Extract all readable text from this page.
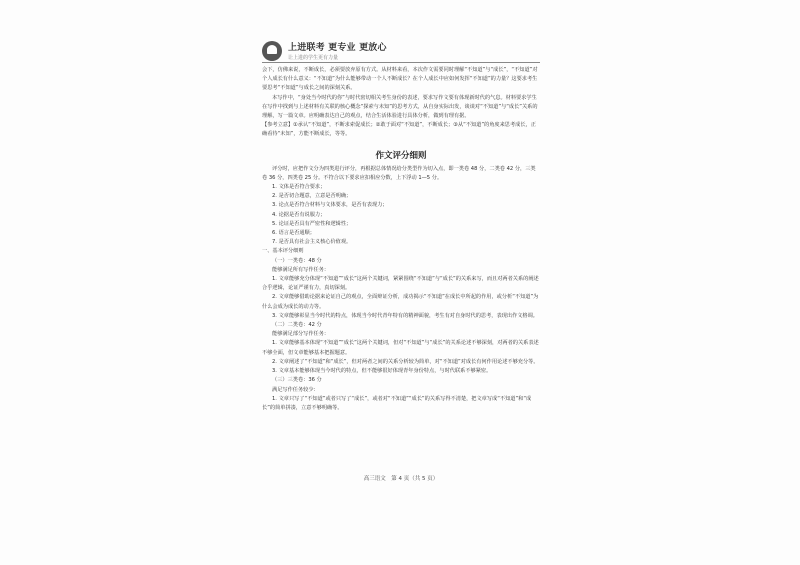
上进联考 更专业 更放心
让上进的学生更有力量

会下，仿佛来说，不断成长，必须要放弃原有方式。从材料来看，本次作文需要同时理解“不知道”与“成长”，“不知道”对个人成长有什么意义：“不知道”为什么能够带动一个人不断成长？在个人成长中应如何发挥“不知道”的力量？这要求考生要思考“不知道”与成长之间的深刻关系。

本写作中，“身处当今时代的你”与时代密切相关考生身份的表述，要求写作文要有体现新时代的气息。材料要求学生在写作中找到与上述材料有关联的核心概念“探索与未知”的思考方式，从自身实际出发，谈谈对“不知道”与“成长”关系的理解，写一篇文章。应明确表达自己的观点，结合生活体验进行具体分析，做到有理有据。

【参考立意】①承认“不知道”，不断求索促成长；②敢于面对“不知道”，不断成长；③从“不知道”的角度来思考成长，正确看待“未知”，方能不断成长，等等。

作文评分细则

评分时，应把作文分为四类进行评分，再根据总体情况给分类型作为切入点，即一类卷 48 分，二类卷 42 分，三类卷 36 分，四类卷 25 分。不符合以下要求应扣相应分数，上下浮动 1—5 分。

1. 文体是否符合要求；

2. 是否切合题意，立意是否明确；

3. 论点是否符合材料与文体要求，是否有表现力；

4. 论据是否有说服力；

5. 论证是否具有严密性和逻辑性；

6. 语言是否通顺；

7. 是否具有社会主义核心价值观。

一、基本评分细则

（一）一类卷：48 分

能够满足所有写作任务：

1. 文章能够充分体现“不知道”“成长”这两个关键词，紧紧围绕“不知道”与“成长”的关系来写，而且对两者关系的阐述合乎逻辑，论证严谨有力，真切深刻。

2. 文章能够借助论据来论证自己的观点，全面辩证分析，成功揭示“不知道”在成长中所起的作用，或分析“不知道”为什么会成为成长的动力等。

3. 文章能够彰显当今时代的特点，体现当今时代青年特有的精神面貌，考生有对自身时代的思考，表现出作文格调。

（二）二类卷：42 分

能够满足部分写作任务：

1. 文章能够基本体现“不知道”“成长”这两个关键词，但对“不知道”与“成长”的关系论述不够深刻，对两者的关系表述不够全面，但文章能够基本把握题意。

2. 文章阐述了“不知道”和“成长”，但对两者之间的关系分析较为简单，对“不知道”对成长有何作用论述不够充分等。

3. 文章基本能够体现当今时代的特点，但不能够很好体现青年身份特点，与时代联系不够紧密。

（三）三类卷：36 分

满足写作任务较少：

1. 文章只写了“不知道”或者只写了“成长”，或者对“不知道”“成长”的关系写得不清楚，把文章写成“不知道”和“成长”的简单拼凑，立意不够明确等。

高三语文　第 4 页（共 5 页）
